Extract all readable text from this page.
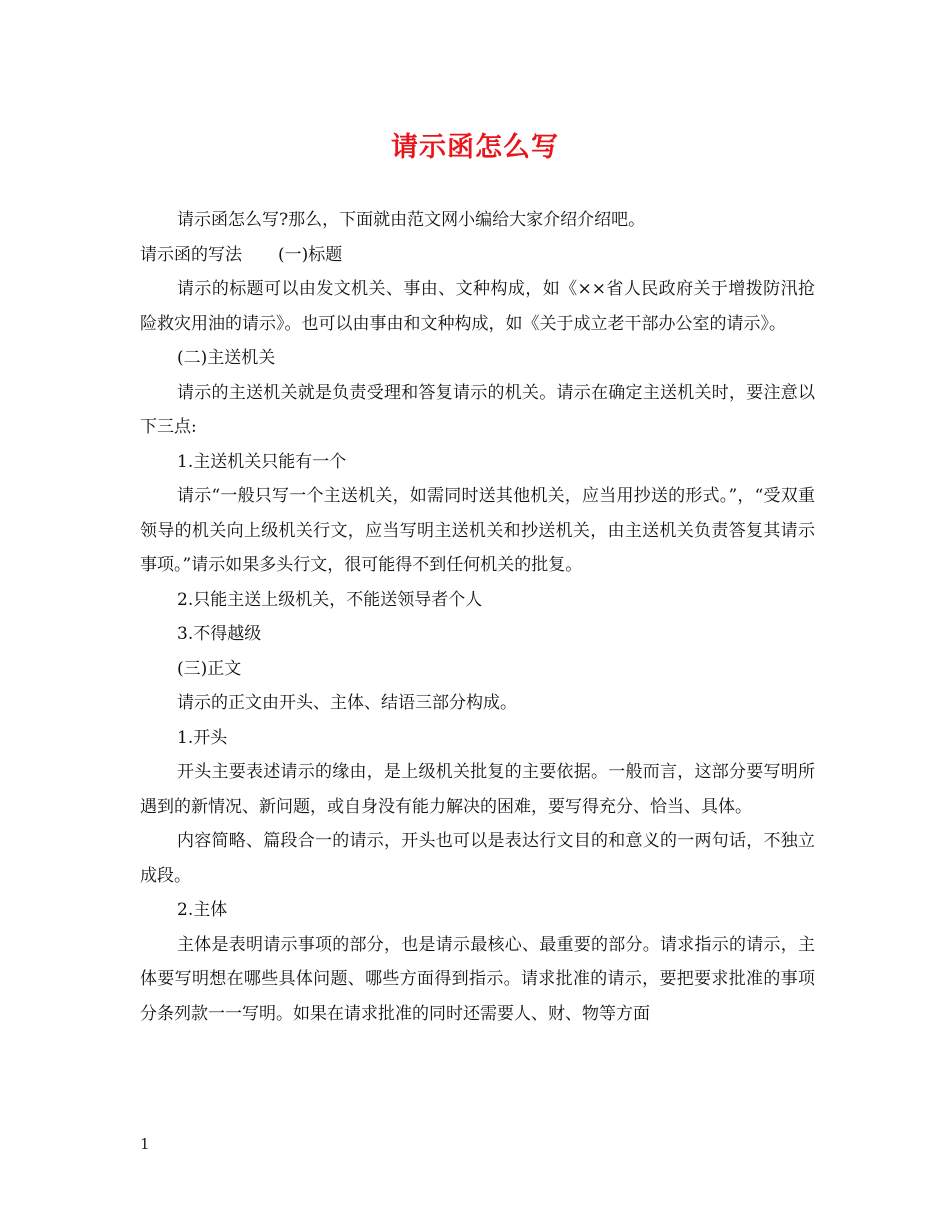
请示函怎么写

请示函怎么写?那么，下面就由范文网小编给大家介绍介绍吧。

请示函的写法 (一)标题

请示的标题可以由发文机关、事由、文种构成，如《××省人民政府关于增拨防汛抢险救灾用油的请示》。也可以由事由和文种构成，如《关于成立老干部办公室的请示》。

(二)主送机关

请示的主送机关就是负责受理和答复请示的机关。请示在确定主送机关时，要注意以下三点:

1.主送机关只能有一个

请示“一般只写一个主送机关，如需同时送其他机关，应当用抄送的形式。”，“受双重领导的机关向上级机关行文，应当写明主送机关和抄送机关，由主送机关负责答复其请示事项。”请示如果多头行文，很可能得不到任何机关的批复。

2.只能主送上级机关，不能送领导者个人

3.不得越级

(三)正文

请示的正文由开头、主体、结语三部分构成。

1.开头

开头主要表述请示的缘由，是上级机关批复的主要依据。一般而言，这部分要写明所遇到的新情况、新问题，或自身没有能力解决的困难，要写得充分、恰当、具体。

内容简略、篇段合一的请示，开头也可以是表达行文目的和意义的一两句话，不独立成段。

2.主体

主体是表明请示事项的部分，也是请示最核心、最重要的部分。请求指示的请示，主体要写明想在哪些具体问题、哪些方面得到指示。请求批准的请示，要把要求批准的事项分条列款一一写明。如果在请求批准的同时还需要人、财、物等方面

1
